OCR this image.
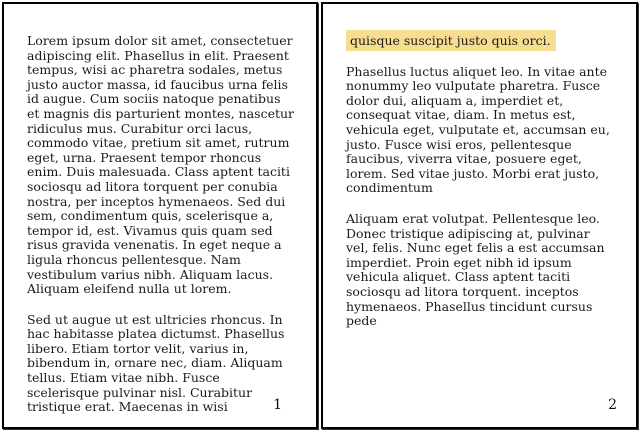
Lorem ipsum dolor sit amet, consectetuer adipiscing elit. Phasellus in elit. Praesent tempus, wisi ac pharetra sodales, metus justo auctor massa, id faucibus urna felis id augue. Cum sociis natoque penatibus et magnis dis parturient montes, nascetur ridiculus mus. Curabitur orci lacus, commodo vitae, pretium sit amet, rutrum eget, urna. Praesent tempor rhoncus enim. Duis malesuada. Class aptent taciti sociosqu ad litora torquent per conubia nostra, per inceptos hymenaeos. Sed dui sem, condimentum quis, scelerisque a, tempor id, est. Vivamus quis quam sed risus gravida venenatis. In eget neque a ligula rhoncus pellentesque. Nam vestibulum varius nibh. Aliquam lacus. Aliquam eleifend nulla ut lorem.

Sed ut augue ut est ultricies rhoncus. In hac habitasse platea dictumst. Phasellus libero. Etiam tortor velit, varius in, bibendum in, ornare nec, diam. Aliquam tellus. Etiam vitae nibh. Fusce scelerisque pulvinar nisl. Curabitur tristique erat. Maecenas in wisi	1

quisque suscipit justo quis orci.

Phasellus luctus aliquet leo. In vitae ante nonummy leo vulputate pharetra. Fusce dolor dui, aliquam a, imperdiet et, consequat vitae, diam. In metus est, vehicula eget, vulputate et, accumsan eu, justo. Fusce wisi eros, pellentesque faucibus, viverra vitae, posuere eget, lorem. Sed vitae justo. Morbi erat justo, condimentum

Aliquam erat volutpat. Pellentesque leo. Donec tristique adipiscing at, pulvinar vel, felis. Nunc eget felis a est accumsan imperdiet. Proin eget nibh id ipsum vehicula aliquet. Class aptent taciti sociosqu ad litora torquent. inceptos hymenaeos. Phasellus tincidunt cursus pede

2
